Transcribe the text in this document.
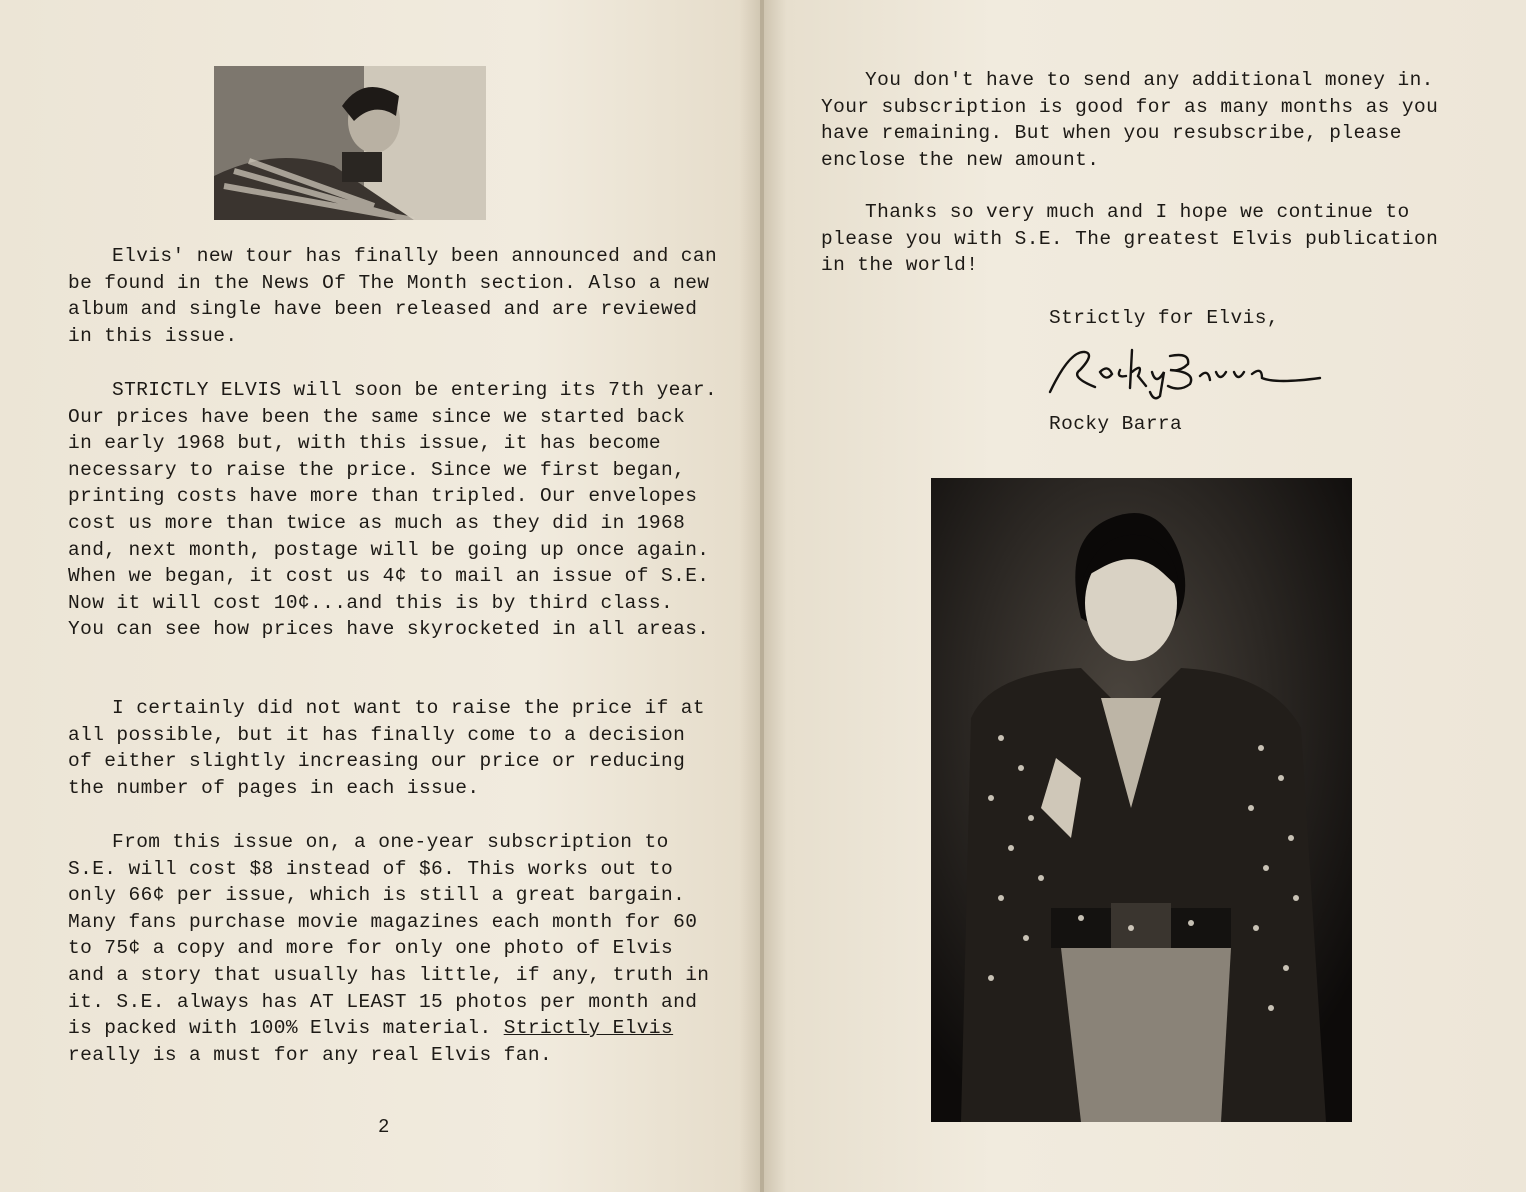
Elvis' new tour has finally been announced and can be found in the News Of The Month section. Also a new album and single have been released and are reviewed in this issue.

STRICTLY ELVIS will soon be entering its 7th year. Our prices have been the same since we started back in early 1968 but, with this issue, it has become necessary to raise the price. Since we first began, printing costs have more than tripled. Our envelopes cost us more than twice as much as they did in 1968 and, next month, postage will be going up once again. When we began, it cost us 4¢ to mail an issue of S.E. Now it will cost 10¢...and this is by third class. You can see how prices have skyrocketed in all areas.

I certainly did not want to raise the price if at all possible, but it has finally come to a decision of either slightly increasing our price or reducing the number of pages in each issue.

From this issue on, a one-year subscription to S.E. will cost $8 instead of $6. This works out to only 66¢ per issue, which is still a great bargain. Many fans purchase movie magazines each month for 60 to 75¢ a copy and more for only one photo of Elvis and a story that usually has little, if any, truth in it. S.E. always has AT LEAST 15 photos per month and is packed with 100% Elvis material. Strictly Elvis really is a must for any real Elvis fan.

2

You don't have to send any additional money in. Your subscription is good for as many months as you have remaining. But when you resubscribe, please enclose the new amount.

Thanks so very much and I hope we continue to please you with S.E. The greatest Elvis publication in the world!

Strictly for Elvis,

Rocky Barra
